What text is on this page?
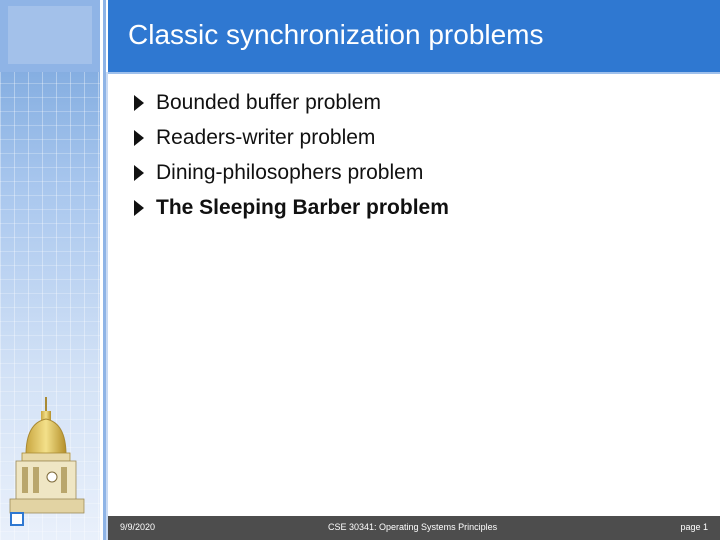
Classic synchronization problems
Bounded buffer problem
Readers-writer problem
Dining-philosophers problem
The Sleeping Barber problem
9/9/2020	CSE 30341: Operating Systems Principles	page 1
